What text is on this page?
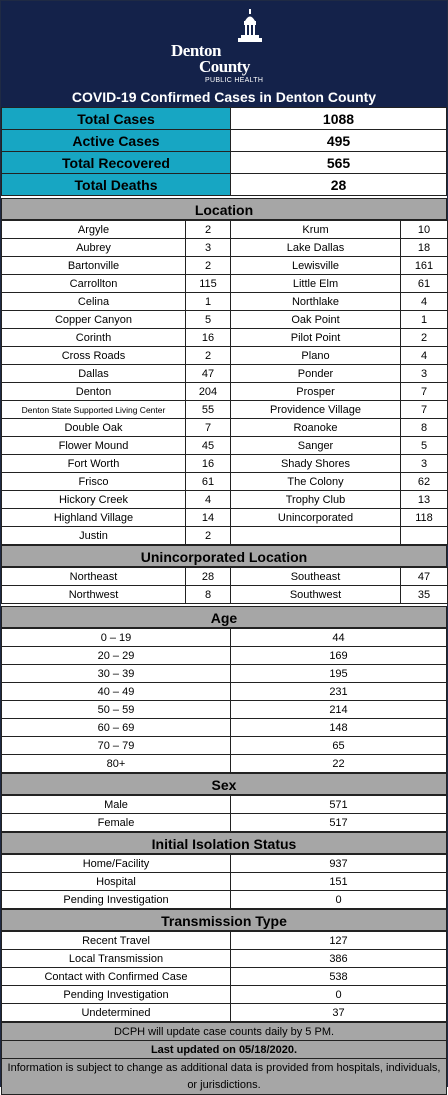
Denton
County
PUBLIC HEALTH
COVID-19 Confirmed Cases in Denton County
Total Cases	1088
Active Cases	495
Total Recovered	565
Total Deaths	28
Location
Argyle	2	Krum	10
Aubrey	3	Lake Dallas	18
Bartonville	2	Lewisville	161
Carrollton	115	Little Elm	61
Celina	1	Northlake	4
Copper Canyon	5	Oak Point	1
Corinth	16	Pilot Point	2
Cross Roads	2	Plano	4
Dallas	47	Ponder	3
Denton	204	Prosper	7
Denton State Supported Living Center	55	Providence Village	7
Double Oak	7	Roanoke	8
Flower Mound	45	Sanger	5
Fort Worth	16	Shady Shores	3
Frisco	61	The Colony	62
Hickory Creek	4	Trophy Club	13
Highland Village	14	Unincorporated	118
Justin	2		
Unincorporated Location
Northeast	28	Southeast	47
Northwest	8	Southwest	35
Age
0 – 19	44
20 – 29	169
30 – 39	195
40 – 49	231
50 – 59	214
60 – 69	148
70 – 79	65
80+	22
Sex
Male	571
Female	517
Initial Isolation Status
Home/Facility	937
Hospital	151
Pending Investigation	0
Transmission Type
Recent Travel	127
Local Transmission	386
Contact with Confirmed Case	538
Pending Investigation	0
Undetermined	37
DCPH will update case counts daily by 5 PM.
Last updated on 05/18/2020.
Information is subject to change as additional data is provided from hospitals, individuals, or jurisdictions.
